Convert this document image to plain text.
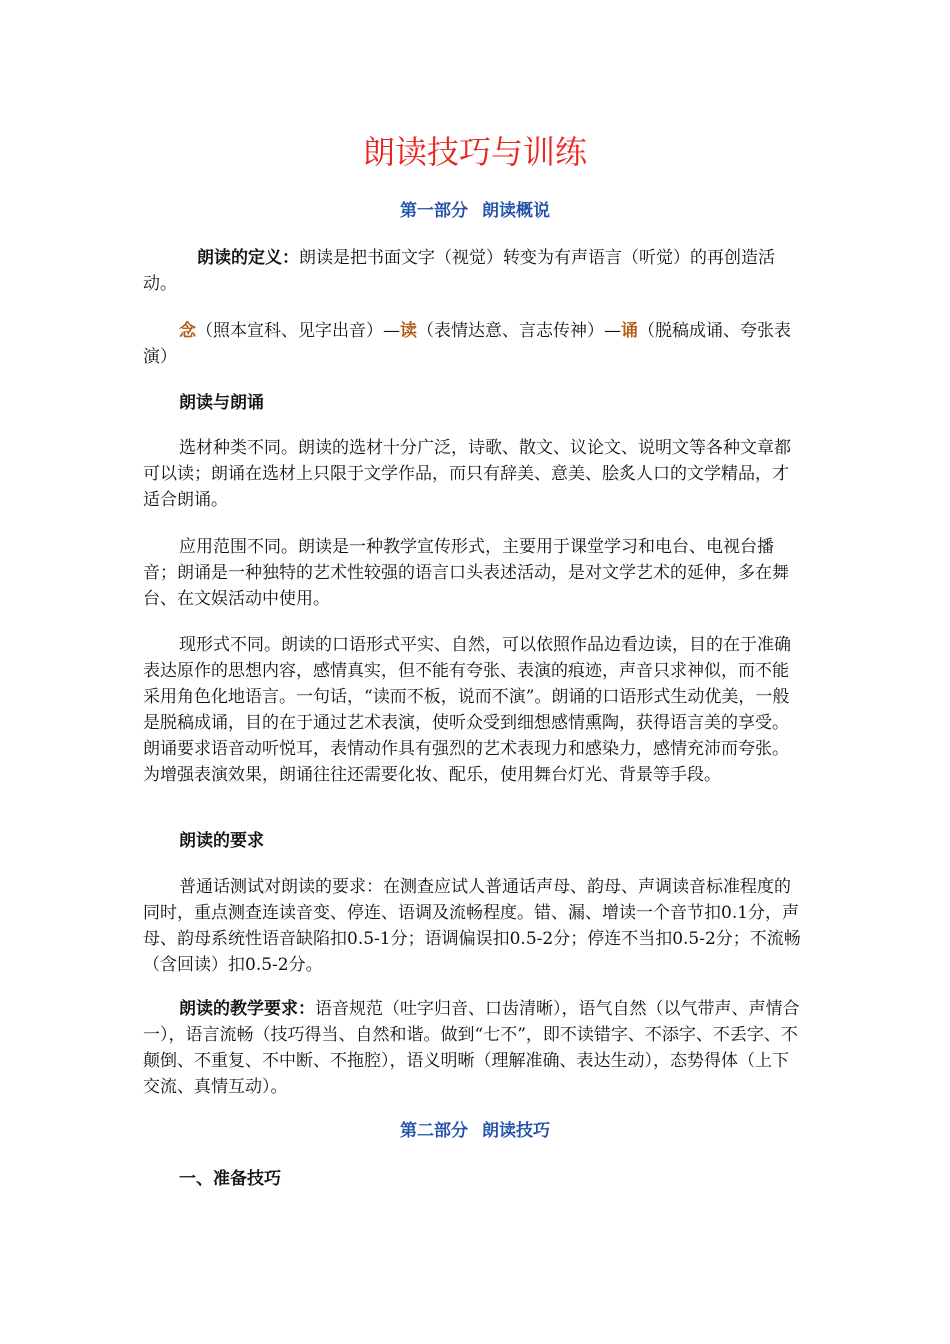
朗读技巧与训练
第一部分 朗读概说

朗读的定义：朗读是把书面文字（视觉）转变为有声语言（听觉）的再创造活动。

念（照本宣科、见字出音）—读（表情达意、言志传神）—诵（脱稿成诵、夸张表演）

朗读与朗诵

选材种类不同。朗读的选材十分广泛，诗歌、散文、议论文、说明文等各种文章都可以读；朗诵在选材上只限于文学作品，而只有辞美、意美、脍炙人口的文学精品，才适合朗诵。

应用范围不同。朗读是一种教学宣传形式，主要用于课堂学习和电台、电视台播音；朗诵是一种独特的艺术性较强的语言口头表述活动，是对文学艺术的延伸，多在舞台、在文娱活动中使用。

现形式不同。朗读的口语形式平实、自然，可以依照作品边看边读，目的在于准确表达原作的思想内容，感情真实，但不能有夸张、表演的痕迹，声音只求神似，而不能采用角色化地语言。一句话，“读而不板，说而不演”。朗诵的口语形式生动优美，一般是脱稿成诵，目的在于通过艺术表演，使听众受到细想感情熏陶，获得语言美的享受。朗诵要求语音动听悦耳，表情动作具有强烈的艺术表现力和感染力，感情充沛而夸张。为增强表演效果，朗诵往往还需要化妆、配乐，使用舞台灯光、背景等手段。

朗读的要求

普通话测试对朗读的要求：在测查应试人普通话声母、韵母、声调读音标准程度的同时，重点测查连读音变、停连、语调及流畅程度。错、漏、增读一个音节扣0.1分，声母、韵母系统性语音缺陷扣0.5-1分；语调偏误扣0.5-2分；停连不当扣0.5-2分；不流畅（含回读）扣0.5-2分。

朗读的教学要求：语音规范（吐字归音、口齿清晰），语气自然（以气带声、声情合一），语言流畅（技巧得当、自然和谐。做到“七不”，即不读错字、不添字、不丢字、不颠倒、不重复、不中断、不拖腔），语义明晰（理解准确、表达生动），态势得体（上下交流、真情互动）。

第二部分 朗读技巧
一、准备技巧
